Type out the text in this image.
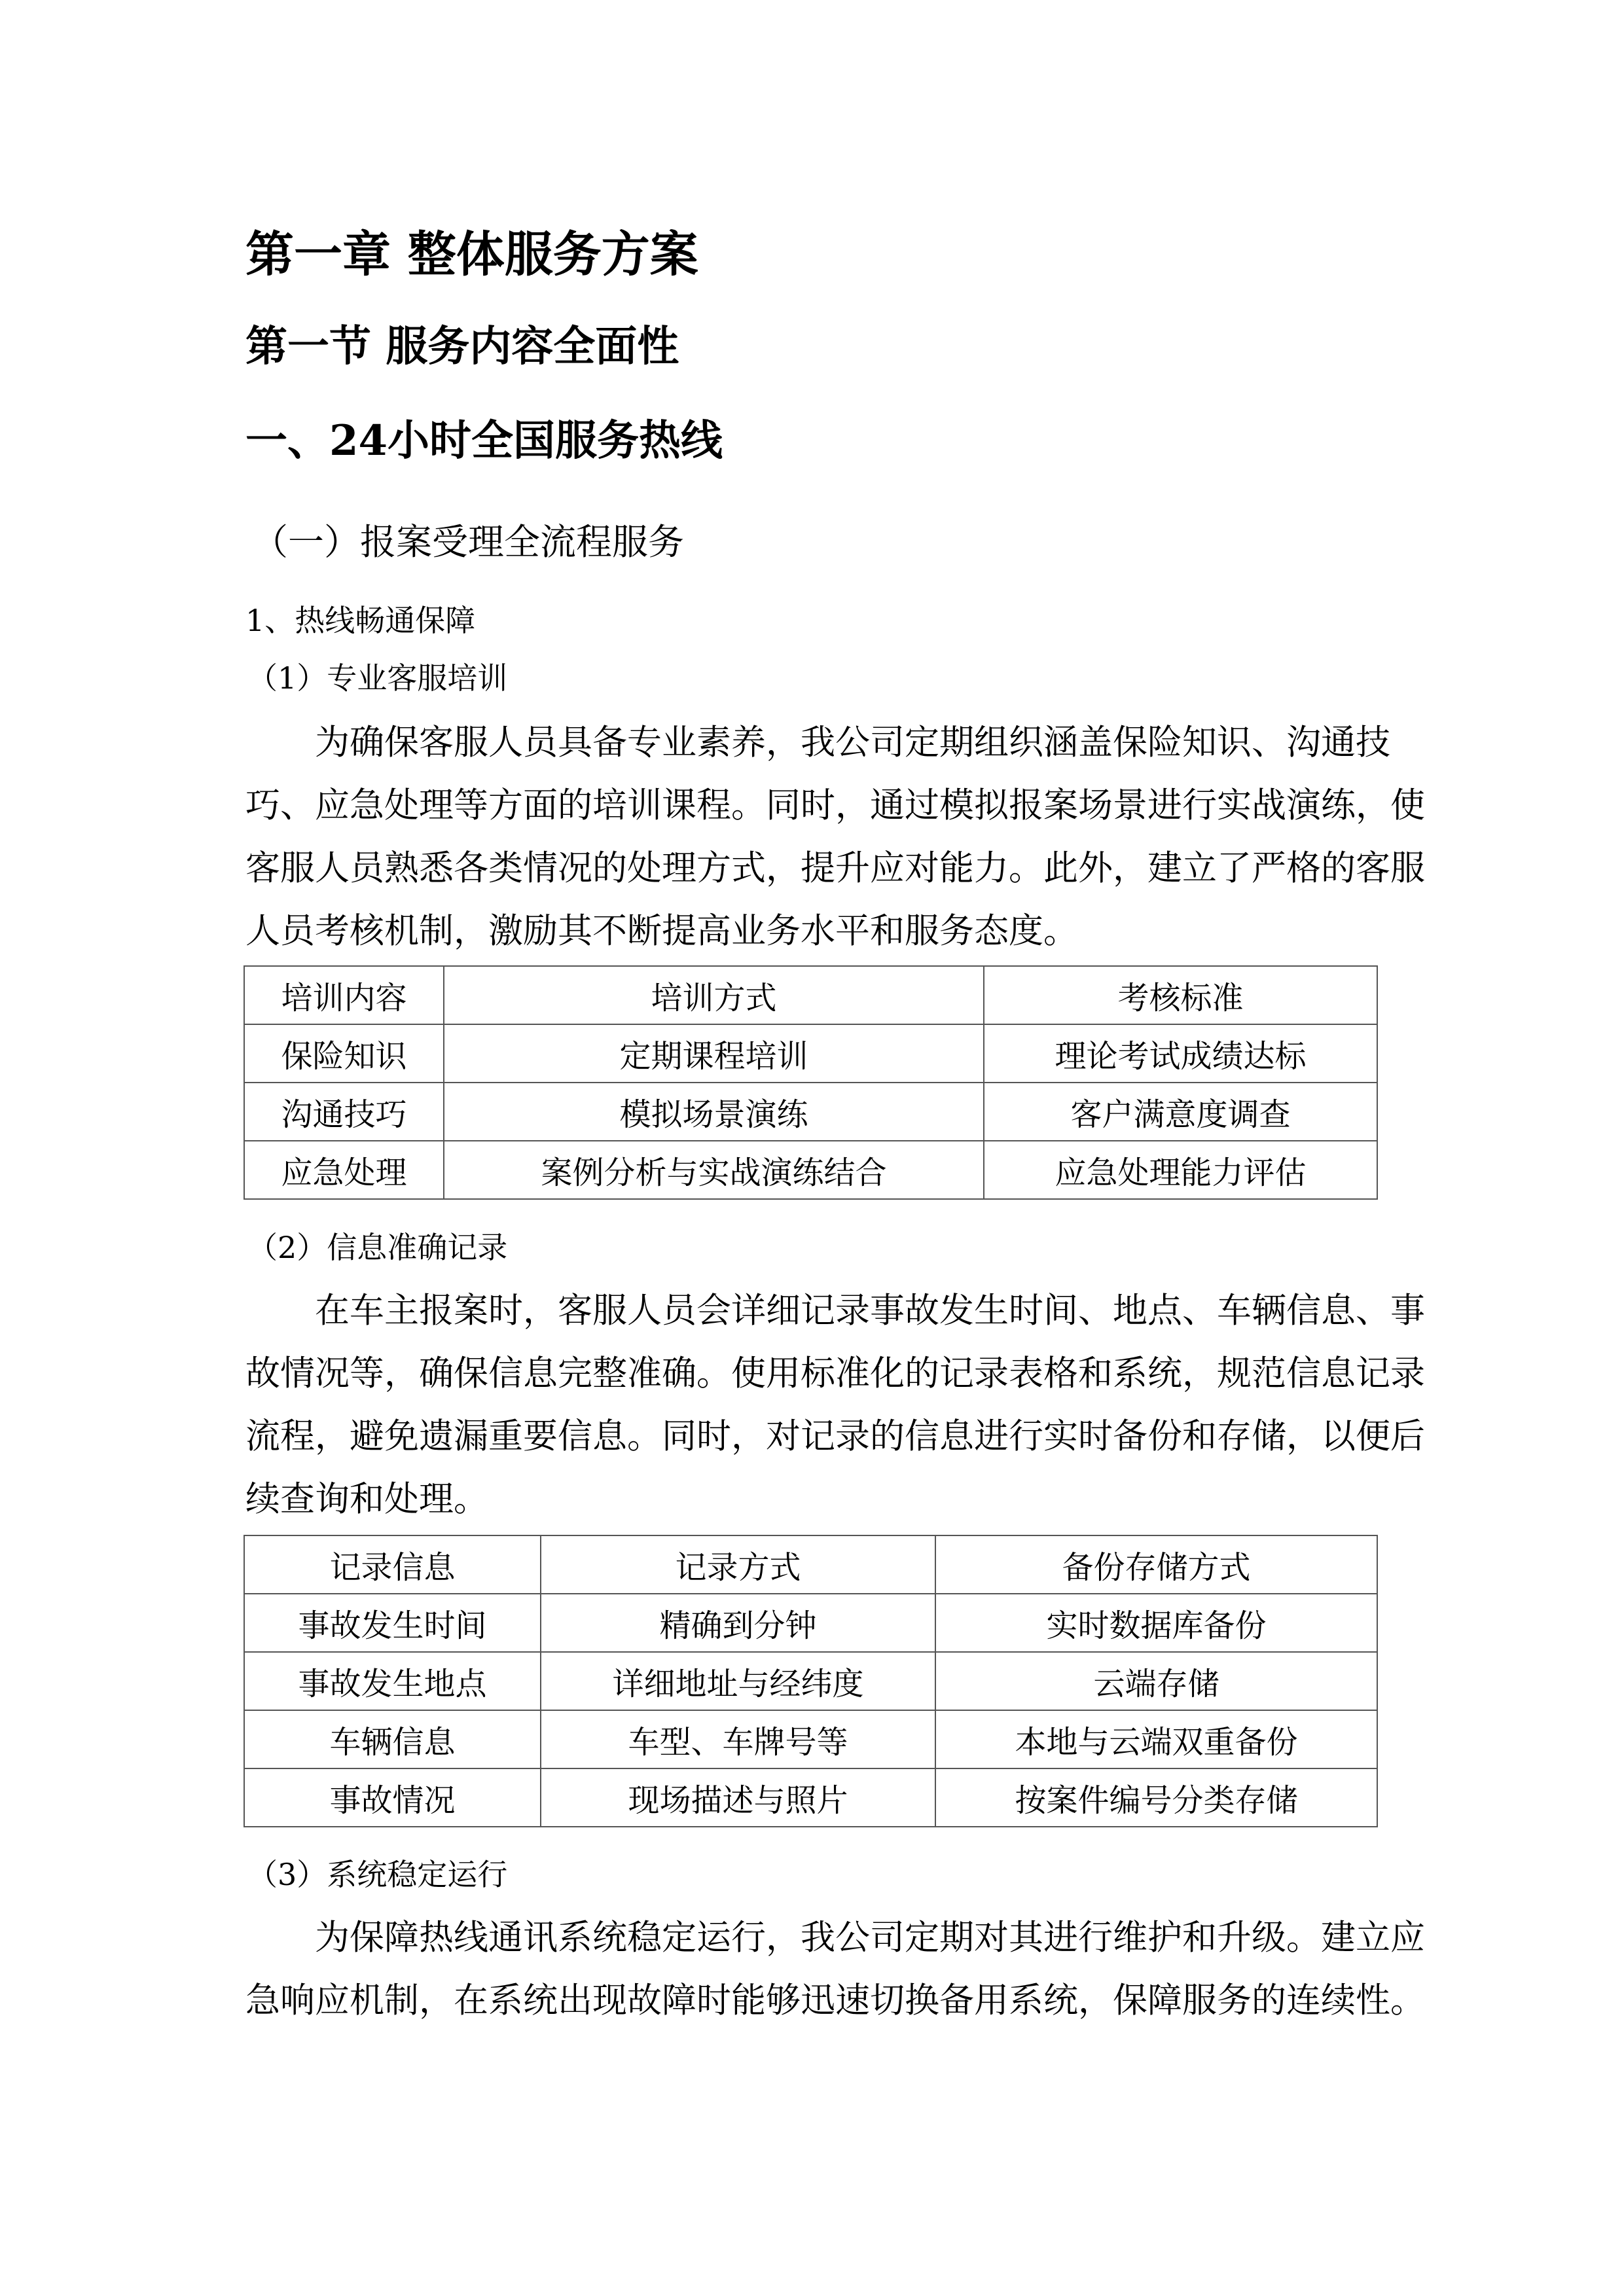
第一章 整体服务方案
第一节 服务内容全面性
一、24小时全国服务热线
（一）报案受理全流程服务
1、热线畅通保障
（1）专业客服培训
为确保客服人员具备专业素养，我公司定期组织涵盖保险知识、沟通技
巧、应急处理等方面的培训课程。同时，通过模拟报案场景进行实战演练，使
客服人员熟悉各类情况的处理方式，提升应对能力。此外，建立了严格的客服
人员考核机制，激励其不断提高业务水平和服务态度。
培训内容	培训方式	考核标准
保险知识	定期课程培训	理论考试成绩达标
沟通技巧	模拟场景演练	客户满意度调查
应急处理	案例分析与实战演练结合	应急处理能力评估
（2）信息准确记录
在车主报案时，客服人员会详细记录事故发生时间、地点、车辆信息、事
故情况等，确保信息完整准确。使用标准化的记录表格和系统，规范信息记录
流程，避免遗漏重要信息。同时，对记录的信息进行实时备份和存储，以便后
续查询和处理。
记录信息	记录方式	备份存储方式
事故发生时间	精确到分钟	实时数据库备份
事故发生地点	详细地址与经纬度	云端存储
车辆信息	车型、车牌号等	本地与云端双重备份
事故情况	现场描述与照片	按案件编号分类存储
（3）系统稳定运行
为保障热线通讯系统稳定运行，我公司定期对其进行维护和升级。建立应
急响应机制，在系统出现故障时能够迅速切换备用系统，保障服务的连续性。
